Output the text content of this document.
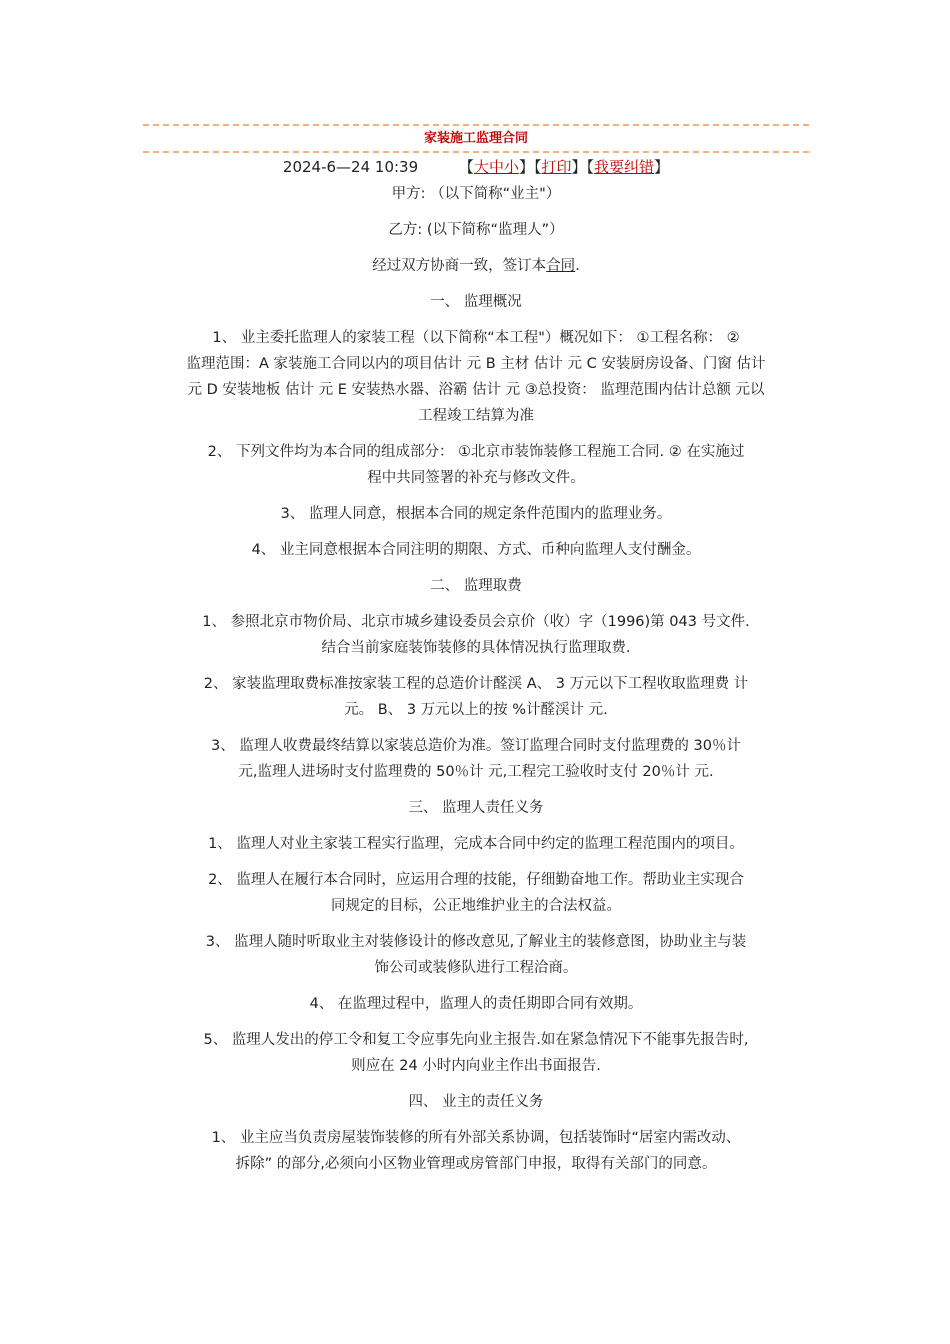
家装施工监理合同
2024-6—24 10:39	【大中小】【打印】【我要纠错】

甲方: （以下简称“业主"）

乙方: (以下简称“监理人”）

经过双方协商一致，签订本合同.

一、 监理概况

1、 业主委托监理人的家装工程（以下简称“本工程"）概况如下： ①工程名称： ②

监理范围：A 家装施工合同以内的项目估计 元 B 主材 估计 元 C 安装厨房设备、门窗 估计

元 D 安装地板 估计 元 E 安装热水器、浴霸 估计 元 ③总投资： 监理范围内估计总额 元以

工程竣工结算为准

2、 下列文件均为本合同的组成部分： ①北京市装饰装修工程施工合同. ② 在实施过

程中共同签署的补充与修改文件。

3、 监理人同意，根据本合同的规定条件范围内的监理业务。

4、 业主同意根据本合同注明的期限、方式、币种向监理人支付酬金。

二、 监理取费

1、 参照北京市物价局、北京市城乡建设委员会京价（收）字（1996)第 043 号文件.

结合当前家庭装饰装修的具体情况执行监理取费.

2、 家装监理取费标准按家装工程的总造价计醛渓 A、 3 万元以下工程收取监理费 计

元。 B、 3 万元以上的按 %计醛渓计 元.

3、 监理人收费最终结算以家装总造价为准。签订监理合同时支付监理费的 30％计

元,监理人进场时支付监理费的 50％计 元,工程完工验收时支付 20％计 元.

三、 监理人责任义务

1、 监理人对业主家装工程实行监理，完成本合同中约定的监理工程范围内的项目。

2、 监理人在履行本合同时，应运用合理的技能，仔细勤奋地工作。帮助业主实现合

同规定的目标，公正地维护业主的合法权益。

3、 监理人随时听取业主对装修设计的修改意见,了解业主的装修意图，协助业主与装

饰公司或装修队进行工程洽商。

4、 在监理过程中，监理人的责任期即合同有效期。

5、 监理人发出的停工令和复工令应事先向业主报告.如在紧急情况下不能事先报告时,

则应在 24 小时内向业主作出书面报告.

四、 业主的责任义务

1、 业主应当负责房屋装饰装修的所有外部关系协调，包括装饰时“居室内需改动、

拆除” 的部分,必须向小区物业管理或房管部门申报，取得有关部门的同意。
